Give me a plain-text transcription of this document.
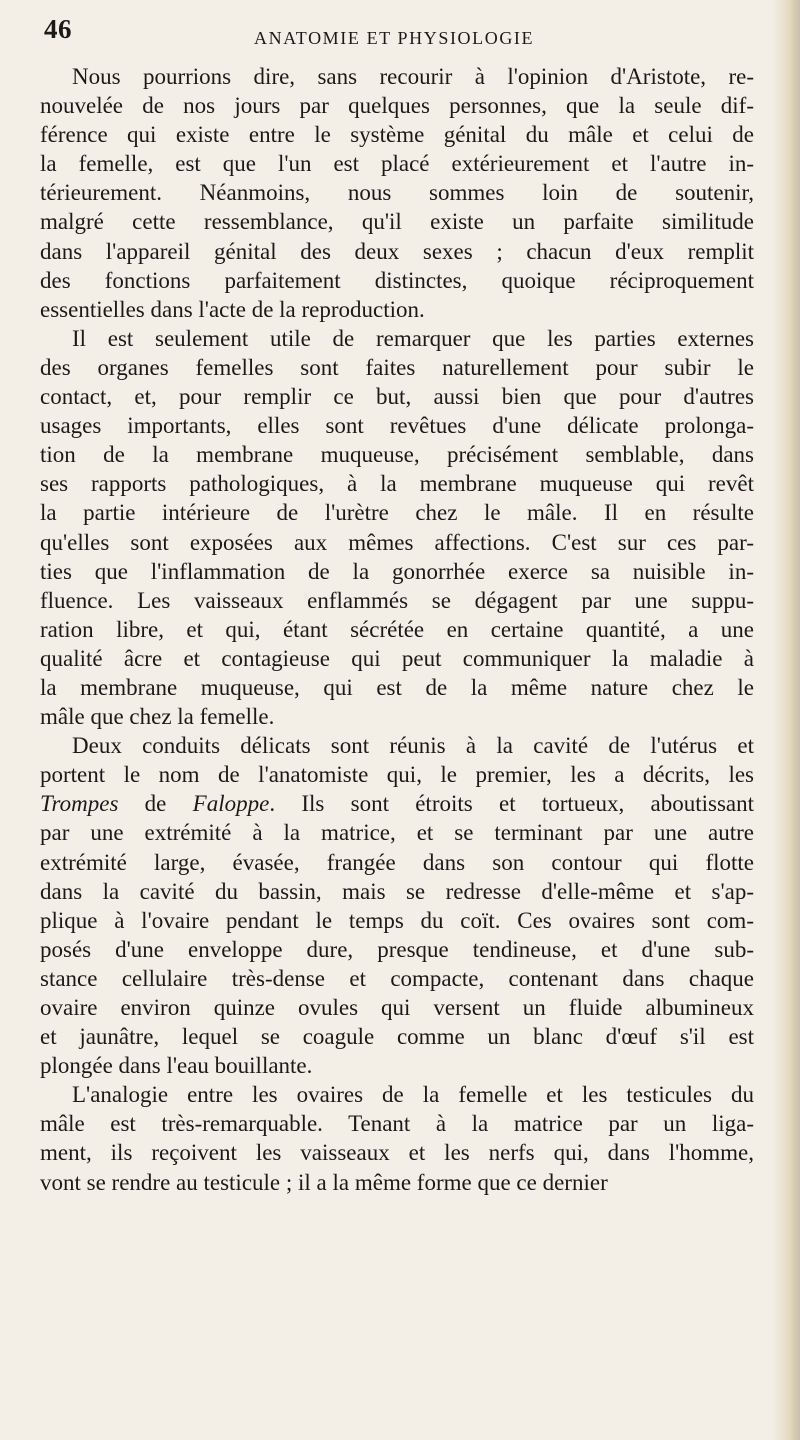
46	ANATOMIE ET PHYSIOLOGIE
Nous pourrions dire, sans recourir à l'opinion d'Aristote, re-
nouvelée de nos jours par quelques personnes, que la seule dif-
férence qui existe entre le système génital du mâle et celui de
la femelle, est que l'un est placé extérieurement et l'autre in-
térieurement. Néanmoins, nous sommes loin de soutenir,
malgré cette ressemblance, qu'il existe un parfaite similitude
dans l'appareil génital des deux sexes ; chacun d'eux remplit
des fonctions parfaitement distinctes, quoique réciproquement
essentielles dans l'acte de la reproduction.
Il est seulement utile de remarquer que les parties externes
des organes femelles sont faites naturellement pour subir le
contact, et, pour remplir ce but, aussi bien que pour d'autres
usages importants, elles sont revêtues d'une délicate prolonga-
tion de la membrane muqueuse, précisément semblable, dans
ses rapports pathologiques, à la membrane muqueuse qui revêt
la partie intérieure de l'urètre chez le mâle. Il en résulte
qu'elles sont exposées aux mêmes affections. C'est sur ces par-
ties que l'inflammation de la gonorrhée exerce sa nuisible in-
fluence. Les vaisseaux enflammés se dégagent par une suppu-
ration libre, et qui, étant sécrétée en certaine quantité, a une
qualité âcre et contagieuse qui peut communiquer la maladie à
la membrane muqueuse, qui est de la même nature chez le
mâle que chez la femelle.
Deux conduits délicats sont réunis à la cavité de l'utérus et
portent le nom de l'anatomiste qui, le premier, les a décrits, les
Trompes de Faloppe. Ils sont étroits et tortueux, aboutissant
par une extrémité à la matrice, et se terminant par une autre
extrémité large, évasée, frangée dans son contour qui flotte
dans la cavité du bassin, mais se redresse d'elle-même et s'ap-
plique à l'ovaire pendant le temps du coït. Ces ovaires sont com-
posés d'une enveloppe dure, presque tendineuse, et d'une sub-
stance cellulaire très-dense et compacte, contenant dans chaque
ovaire environ quinze ovules qui versent un fluide albumineux
et jaunâtre, lequel se coagule comme un blanc d'œuf s'il est
plongée dans l'eau bouillante.
L'analogie entre les ovaires de la femelle et les testicules du
mâle est très-remarquable. Tenant à la matrice par un liga-
ment, ils reçoivent les vaisseaux et les nerfs qui, dans l'homme,
vont se rendre au testicule ; il a la même forme que ce dernier
